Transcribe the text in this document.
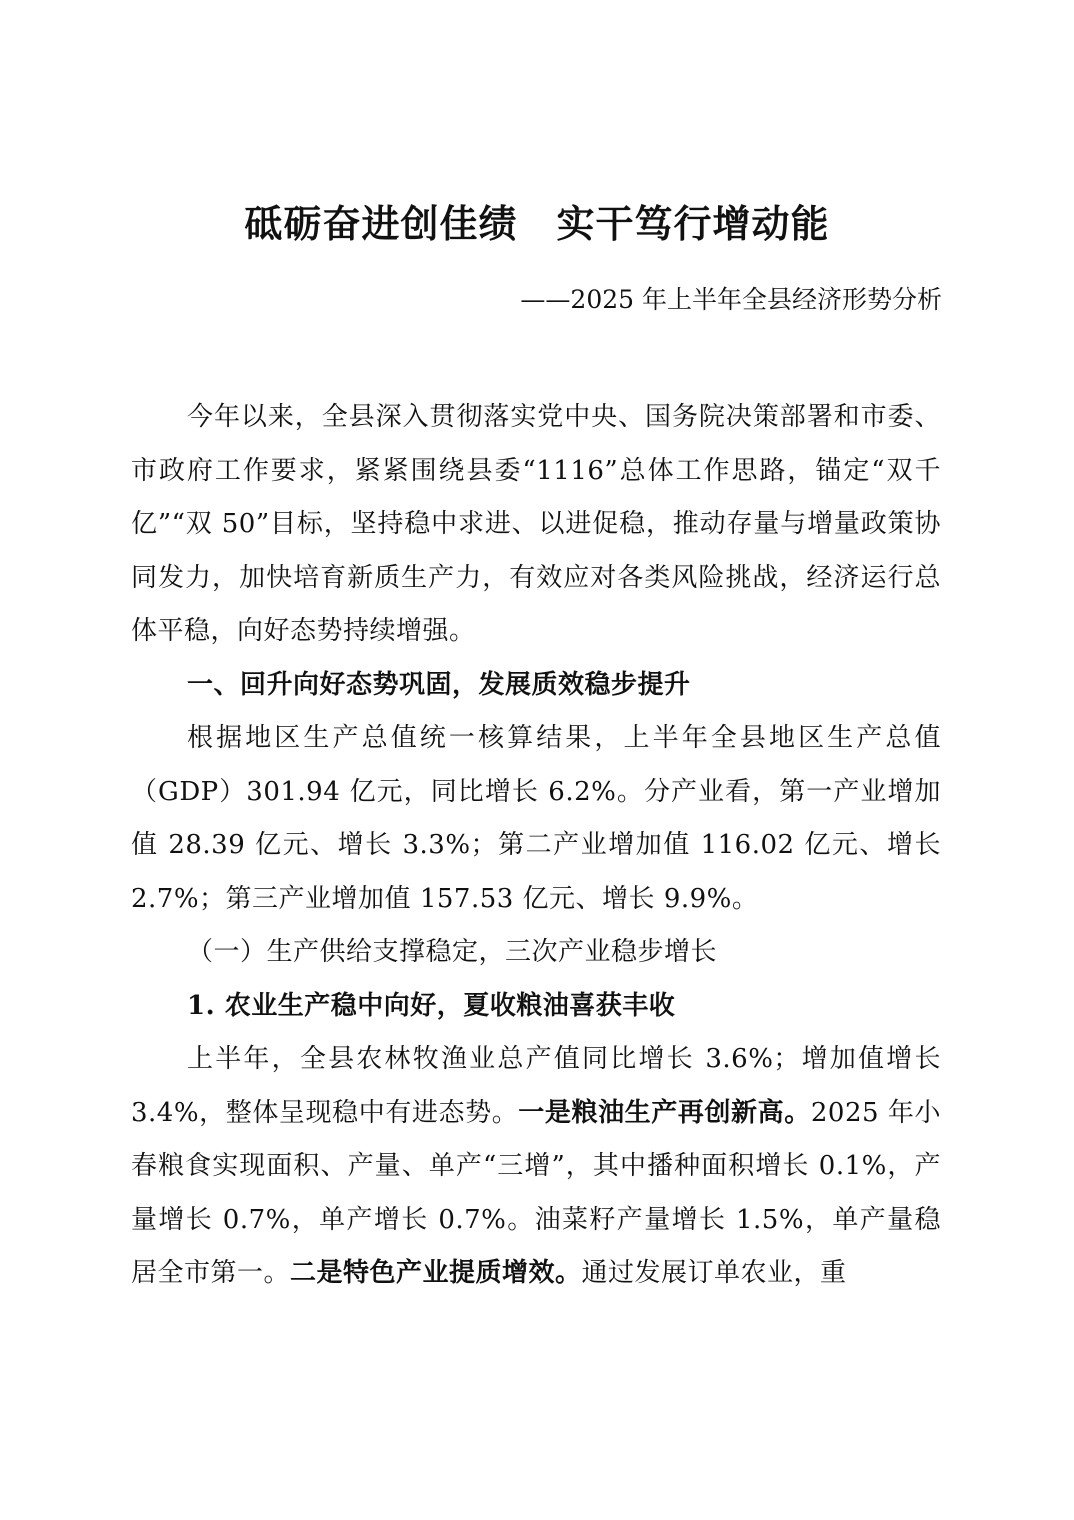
砥砺奋进创佳绩　实干笃行增动能
——2025 年上半年全县经济形势分析

今年以来，全县深入贯彻落实党中央、国务院决策部署和市委、市政府工作要求，紧紧围绕县委“1116”总体工作思路，锚定“双千亿”“双 50”目标，坚持稳中求进、以进促稳，推动存量与增量政策协同发力，加快培育新质生产力，有效应对各类风险挑战，经济运行总体平稳，向好态势持续增强。

一、回升向好态势巩固，发展质效稳步提升

根据地区生产总值统一核算结果，上半年全县地区生产总值（GDP）301.94 亿元，同比增长 6.2%。分产业看，第一产业增加值 28.39 亿元、增长 3.3%；第二产业增加值 116.02 亿元、增长 2.7%；第三产业增加值 157.53 亿元、增长 9.9%。

（一）生产供给支撑稳定，三次产业稳步增长

1. 农业生产稳中向好，夏收粮油喜获丰收

上半年，全县农林牧渔业总产值同比增长 3.6%；增加值增长 3.4%，整体呈现稳中有进态势。一是粮油生产再创新高。2025 年小春粮食实现面积、产量、单产“三增”，其中播种面积增长 0.1%，产量增长 0.7%，单产增长 0.7%。油菜籽产量增长 1.5%，单产量稳居全市第一。二是特色产业提质增效。通过发展订单农业，重
